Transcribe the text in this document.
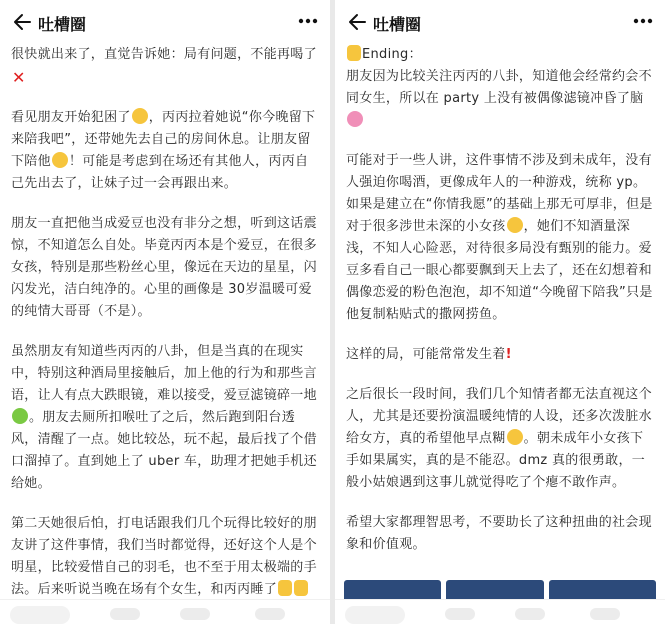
吐槽圈

很快就出来了，直觉告诉她：局有问题，不能再喝了✕

看见朋友开始犯困了 ，丙丙拉着她说“你今晚留下来陪我吧”，还带她先去自己的房间休息。让朋友留下陪他 ！可能是考虑到在场还有其他人，丙丙自己先出去了，让妹子过一会再跟出来。

朋友一直把他当成爱豆也没有非分之想，听到这话震惊，不知道怎么自处。毕竟丙丙本是个爱豆，在很多女孩，特别是那些粉丝心里，像远在天边的星星，闪闪发光，洁白纯净的。心里的画像是 30岁温暖可爱的纯情大哥哥（不是）。

虽然朋友有知道些丙丙的八卦，但是当真的在现实中，特别这种酒局里接触后，加上他的行为和那些言语，让人有点大跌眼镜，难以接受，爱豆滤镜碎一地。朋友去厕所扣喉吐了之后，然后跑到阳台透风，清醒了一点。她比较怂，玩不起，最后找了个借口溜掉了。直到她上了 uber 车，助理才把她手机还给她。

第二天她很后怕，打电话跟我们几个玩得比较好的朋友讲了这件事情，我们当时都觉得，还好这个人是个明星，比较爱惜自己的羽毛，也不至于用太极端的手法。后来听说当晚在场有个女生，和丙丙睡了

吐槽圈

Ending：

朋友因为比较关注丙丙的八卦，知道他会经常约会不同女生，所以在 party 上没有被偶像滤镜冲昏了脑

可能对于一些人讲，这件事情不涉及到未成年，没有人强迫你喝酒，更像成年人的一种游戏，统称 yp。如果是建立在“你情我愿”的基础上那无可厚非，但是对于很多涉世未深的小女孩 ，她们不知酒量深浅，不知人心险恶，对待很多局没有甄别的能力。爱豆多看自己一眼心都要飘到天上去了，还在幻想着和偶像恋爱的粉色泡泡，却不知道“今晚留下陪我”只是他复制粘贴式的撒网捞鱼。

这样的局，可能常常发生着!

之后很长一段时间，我们几个知情者都无法直视这个人，尤其是还要扮演温暖纯情的人设，还多次泼脏水给女方，真的希望他早点糊 。朝未成年小女孩下手如果属实，真的是不能忍。dmz 真的很勇敢，一般小姑娘遇到这事儿就觉得吃了个瘪不敢作声。

希望大家都理智思考，不要助长了这种扭曲的社会现象和价值观。
